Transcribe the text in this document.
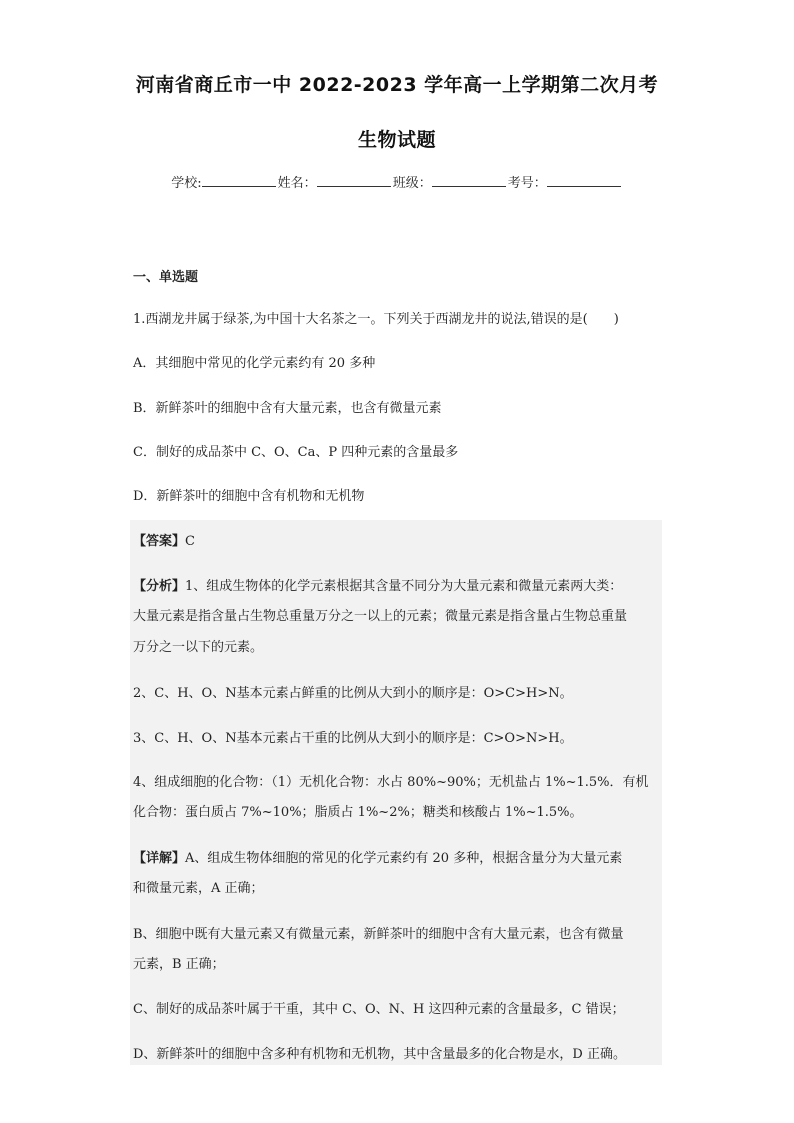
河南省商丘市一中 2022-2023 学年高一上学期第二次月考
生物试题
学校:	姓名：	班级：	考号：
一、单选题
1.西湖龙井属于绿茶,为中国十大名茶之一。下列关于西湖龙井的说法,错误的是(　　)
A．其细胞中常见的化学元素约有 20 多种
B．新鲜茶叶的细胞中含有大量元素，也含有微量元素
C．制好的成品茶中 C、O、Ca、P 四种元素的含量最多
D．新鲜茶叶的细胞中含有机物和无机物
【答案】C
【分析】1、组成生物体的化学元素根据其含量不同分为大量元素和微量元素两大类：
大量元素是指含量占生物总重量万分之一以上的元素；微量元素是指含量占生物总重量
万分之一以下的元素。
2、C、H、O、N基本元素占鲜重的比例从大到小的顺序是：O>C>H>N。
3、C、H、O、N基本元素占干重的比例从大到小的顺序是：C>O>N>H。
4、组成细胞的化合物：（1）无机化合物：水占 80%~90%；无机盐占 1%~1.5%．有机
化合物：蛋白质占 7%~10%；脂质占 1%~2%；糖类和核酸占 1%~1.5%。
【详解】A、组成生物体细胞的常见的化学元素约有 20 多种，根据含量分为大量元素
和微量元素，A 正确；
B、细胞中既有大量元素又有微量元素，新鲜茶叶的细胞中含有大量元素，也含有微量
元素，B 正确；
C、制好的成品茶叶属于干重，其中 C、O、N、H 这四种元素的含量最多，C 错误；
D、新鲜茶叶的细胞中含多种有机物和无机物，其中含量最多的化合物是水，D 正确。
